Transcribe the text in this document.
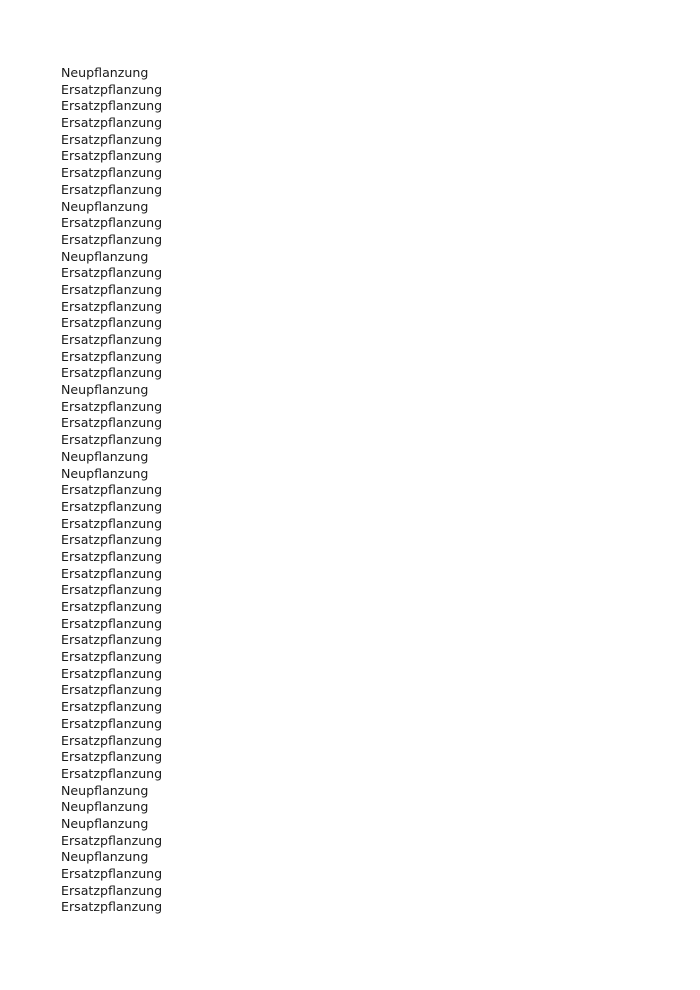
Neupflanzung
Ersatzpflanzung
Ersatzpflanzung
Ersatzpflanzung
Ersatzpflanzung
Ersatzpflanzung
Ersatzpflanzung
Ersatzpflanzung
Neupflanzung
Ersatzpflanzung
Ersatzpflanzung
Neupflanzung
Ersatzpflanzung
Ersatzpflanzung
Ersatzpflanzung
Ersatzpflanzung
Ersatzpflanzung
Ersatzpflanzung
Ersatzpflanzung
Neupflanzung
Ersatzpflanzung
Ersatzpflanzung
Ersatzpflanzung
Neupflanzung
Neupflanzung
Ersatzpflanzung
Ersatzpflanzung
Ersatzpflanzung
Ersatzpflanzung
Ersatzpflanzung
Ersatzpflanzung
Ersatzpflanzung
Ersatzpflanzung
Ersatzpflanzung
Ersatzpflanzung
Ersatzpflanzung
Ersatzpflanzung
Ersatzpflanzung
Ersatzpflanzung
Ersatzpflanzung
Ersatzpflanzung
Ersatzpflanzung
Ersatzpflanzung
Neupflanzung
Neupflanzung
Neupflanzung
Ersatzpflanzung
Neupflanzung
Ersatzpflanzung
Ersatzpflanzung
Ersatzpflanzung
